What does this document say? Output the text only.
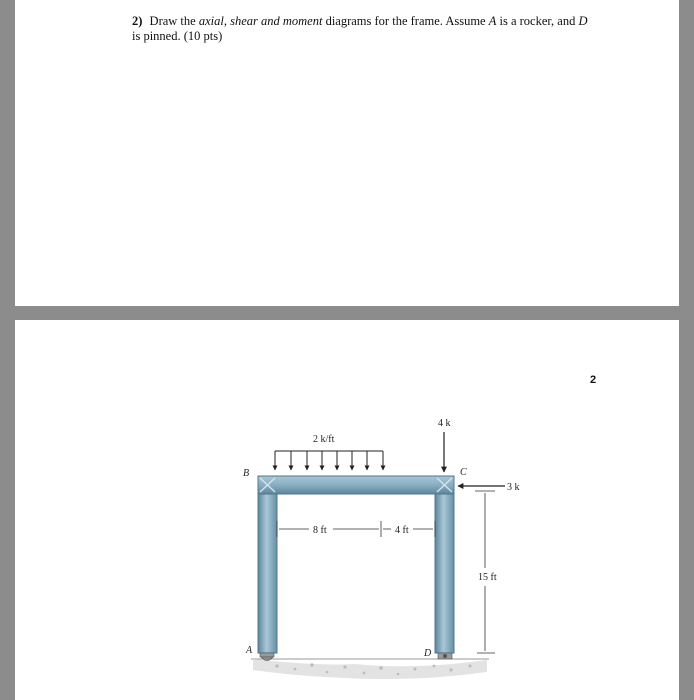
2) Draw the axial, shear and moment diagrams for the frame. Assume A is a rocker, and D
is pinned. (10 pts)
2
2 k/ft
4 k
3 k
B	C
A	D
8 ft	4 ft
15 ft
